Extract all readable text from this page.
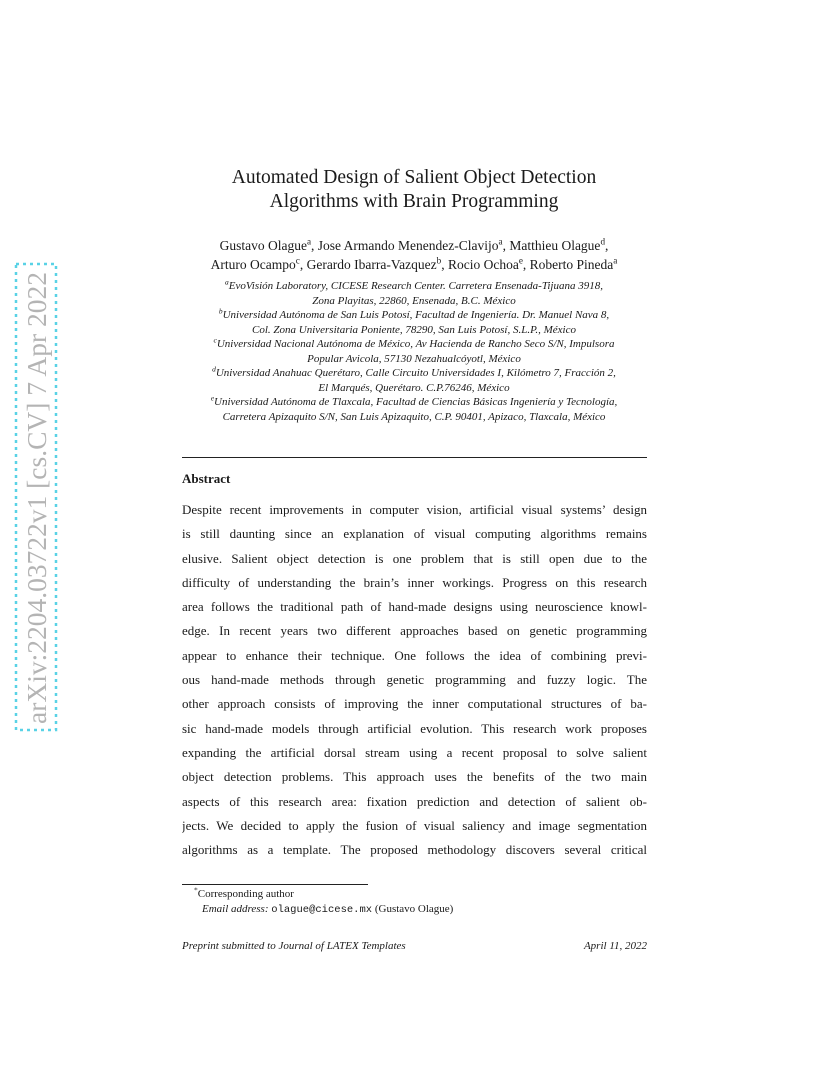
arXiv:2204.03722v1 [cs.CV] 7 Apr 2022
Automated Design of Salient Object Detection
Algorithms with Brain Programming
Gustavo Olague$^a$, Jose Armando Menendez-Clavijo$^a$, Matthieu Olague$^d$,
Arturo Ocampo$^c$, Gerardo Ibarra-Vazquez$^b$, Rocio Ochoa$^e$, Roberto Pineda$^a$
$^a$EvoVisión Laboratory, CICESE Research Center. Carretera Ensenada-Tijuana 3918,
Zona Playitas, 22860, Ensenada, B.C. México
$^b$Universidad Autónoma de San Luis Potosí, Facultad de Ingeniería. Dr. Manuel Nava 8,
Col. Zona Universitaria Poniente, 78290, San Luis Potosí, S.L.P., México
$^c$Universidad Nacional Autónoma de México, Av Hacienda de Rancho Seco S/N, Impulsora
Popular Avicola, 57130 Nezahualcóyotl, México
$^d$Universidad Anahuac Querétaro, Calle Circuito Universidades I, Kilómetro 7, Fracción 2,
El Marqués, Querétaro. C.P.76246, México
$^e$Universidad Autónoma de Tlaxcala, Facultad de Ciencias Básicas Ingeniería y Tecnología,
Carretera Apizaquito S/N, San Luis Apizaquito, C.P. 90401, Apizaco, Tlaxcala, México
Abstract
Despite recent improvements in computer vision, artificial visual systems’ design
is still daunting since an explanation of visual computing algorithms remains
elusive. Salient object detection is one problem that is still open due to the
difficulty of understanding the brain’s inner workings. Progress on this research
area follows the traditional path of hand-made designs using neuroscience knowl-
edge. In recent years two different approaches based on genetic programming
appear to enhance their technique. One follows the idea of combining previ-
ous hand-made methods through genetic programming and fuzzy logic. The
other approach consists of improving the inner computational structures of ba-
sic hand-made models through artificial evolution. This research work proposes
expanding the artificial dorsal stream using a recent proposal to solve salient
object detection problems. This approach uses the benefits of the two main
aspects of this research area: fixation prediction and detection of salient ob-
jects. We decided to apply the fusion of visual saliency and image segmentation
algorithms as a template. The proposed methodology discovers several critical
*Corresponding author
Email address: olague@cicese.mx (Gustavo Olague)
Preprint submitted to Journal of LATEX Templates	April 11, 2022
